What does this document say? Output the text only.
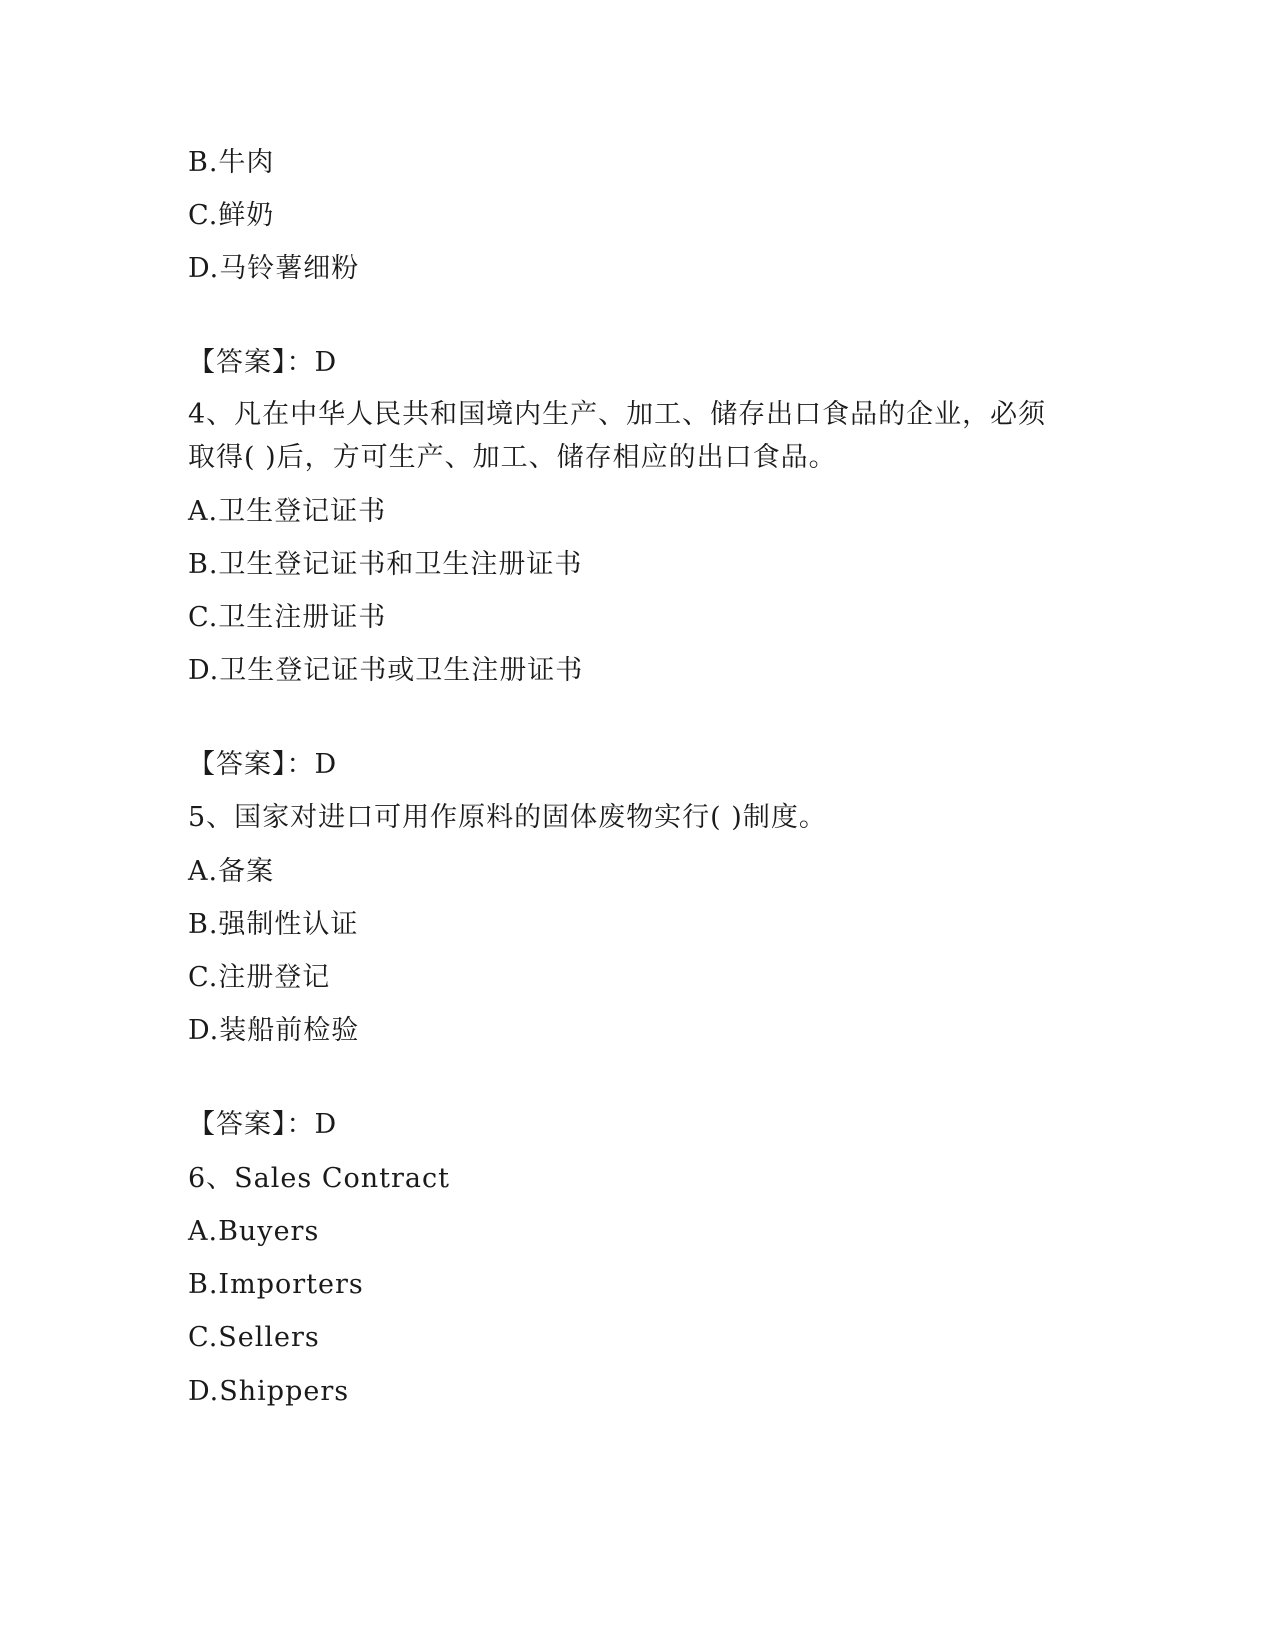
B.牛肉
C.鲜奶
D.马铃薯细粉
【答案】：D
4、凡在中华人民共和国境内生产、加工、储存出口食品的企业，必须
取得( )后，方可生产、加工、储存相应的出口食品。
A.卫生登记证书
B.卫生登记证书和卫生注册证书
C.卫生注册证书
D.卫生登记证书或卫生注册证书
【答案】：D
5、国家对进口可用作原料的固体废物实行( )制度。
A.备案
B.强制性认证
C.注册登记
D.装船前检验
【答案】：D
6、Sales Contract
A.Buyers
B.Importers
C.Sellers
D.Shippers
